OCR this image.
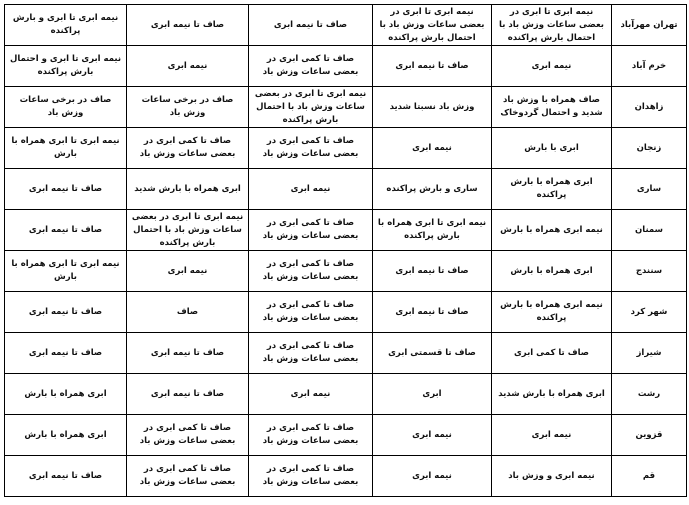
تهران مهرآباد	نیمه ابری تا ابری در بعضی ساعات وزش باد با احتمال بارش پراکنده	نیمه ابری تا ابری در بعضی ساعات وزش باد با احتمال بارش پراکنده	صاف تا نیمه ابری	صاف تا نیمه ابری	نیمه ابری تا ابری و بارش پراکنده
خرم آباد	نیمه ابری	صاف تا نیمه ابری	صاف تا کمی ابری در بعضی ساعات وزش باد	نیمه ابری	نیمه ابری تا ابری و احتمال بارش پراکنده
زاهدان	صاف همراه با وزش باد شدید و احتمال گردوخاک	وزش باد نسبتا شدید	نیمه ابری تا ابری در بعضی ساعات وزش باد با احتمال بارش پراکنده	صاف در برخی ساعات وزش باد	صاف در برخی ساعات وزش باد
زنجان	ابری با بارش	نیمه ابری	صاف تا کمی ابری در بعضی ساعات وزش باد	صاف تا کمی ابری در بعضی ساعات وزش باد	نیمه ابری تا ابری همراه با بارش
ساری	ابری همراه با بارش پراکنده	ساری و بارش پراکنده	نیمه ابری	ابری همراه با بارش شدید	صاف تا نیمه ابری
سمنان	نیمه ابری همراه با بارش	نیمه ابری تا ابری همراه با بارش پراکنده	صاف تا کمی ابری در بعضی ساعات وزش باد	نیمه ابری تا ابری در بعضی ساعات وزش باد با احتمال بارش پراکنده	صاف تا نیمه ابری
سنندج	ابری همراه با بارش	صاف تا نیمه ابری	صاف تا کمی ابری در بعضی ساعات وزش باد	نیمه ابری	نیمه ابری تا ابری همراه با بارش
شهر کرد	نیمه ابری همراه با بارش پراکنده	صاف تا نیمه ابری	صاف تا کمی ابری در بعضی ساعات وزش باد	صاف	صاف تا نیمه ابری
شیراز	صاف تا کمی ابری	صاف تا قسمتی ابری	صاف تا کمی ابری در بعضی ساعات وزش باد	صاف تا نیمه ابری	صاف تا نیمه ابری
رشت	ابری همراه با بارش شدید	ابری	نیمه ابری	صاف تا نیمه ابری	ابری همراه با بارش
قزوین	نیمه ابری	نیمه ابری	صاف تا کمی ابری در بعضی ساعات وزش باد	صاف تا کمی ابری در بعضی ساعات وزش باد	ابری همراه با بارش
قم	نیمه ابری و وزش باد	نیمه ابری	صاف تا کمی ابری در بعضی ساعات وزش باد	صاف تا کمی ابری در بعضی ساعات وزش باد	صاف تا نیمه ابری
